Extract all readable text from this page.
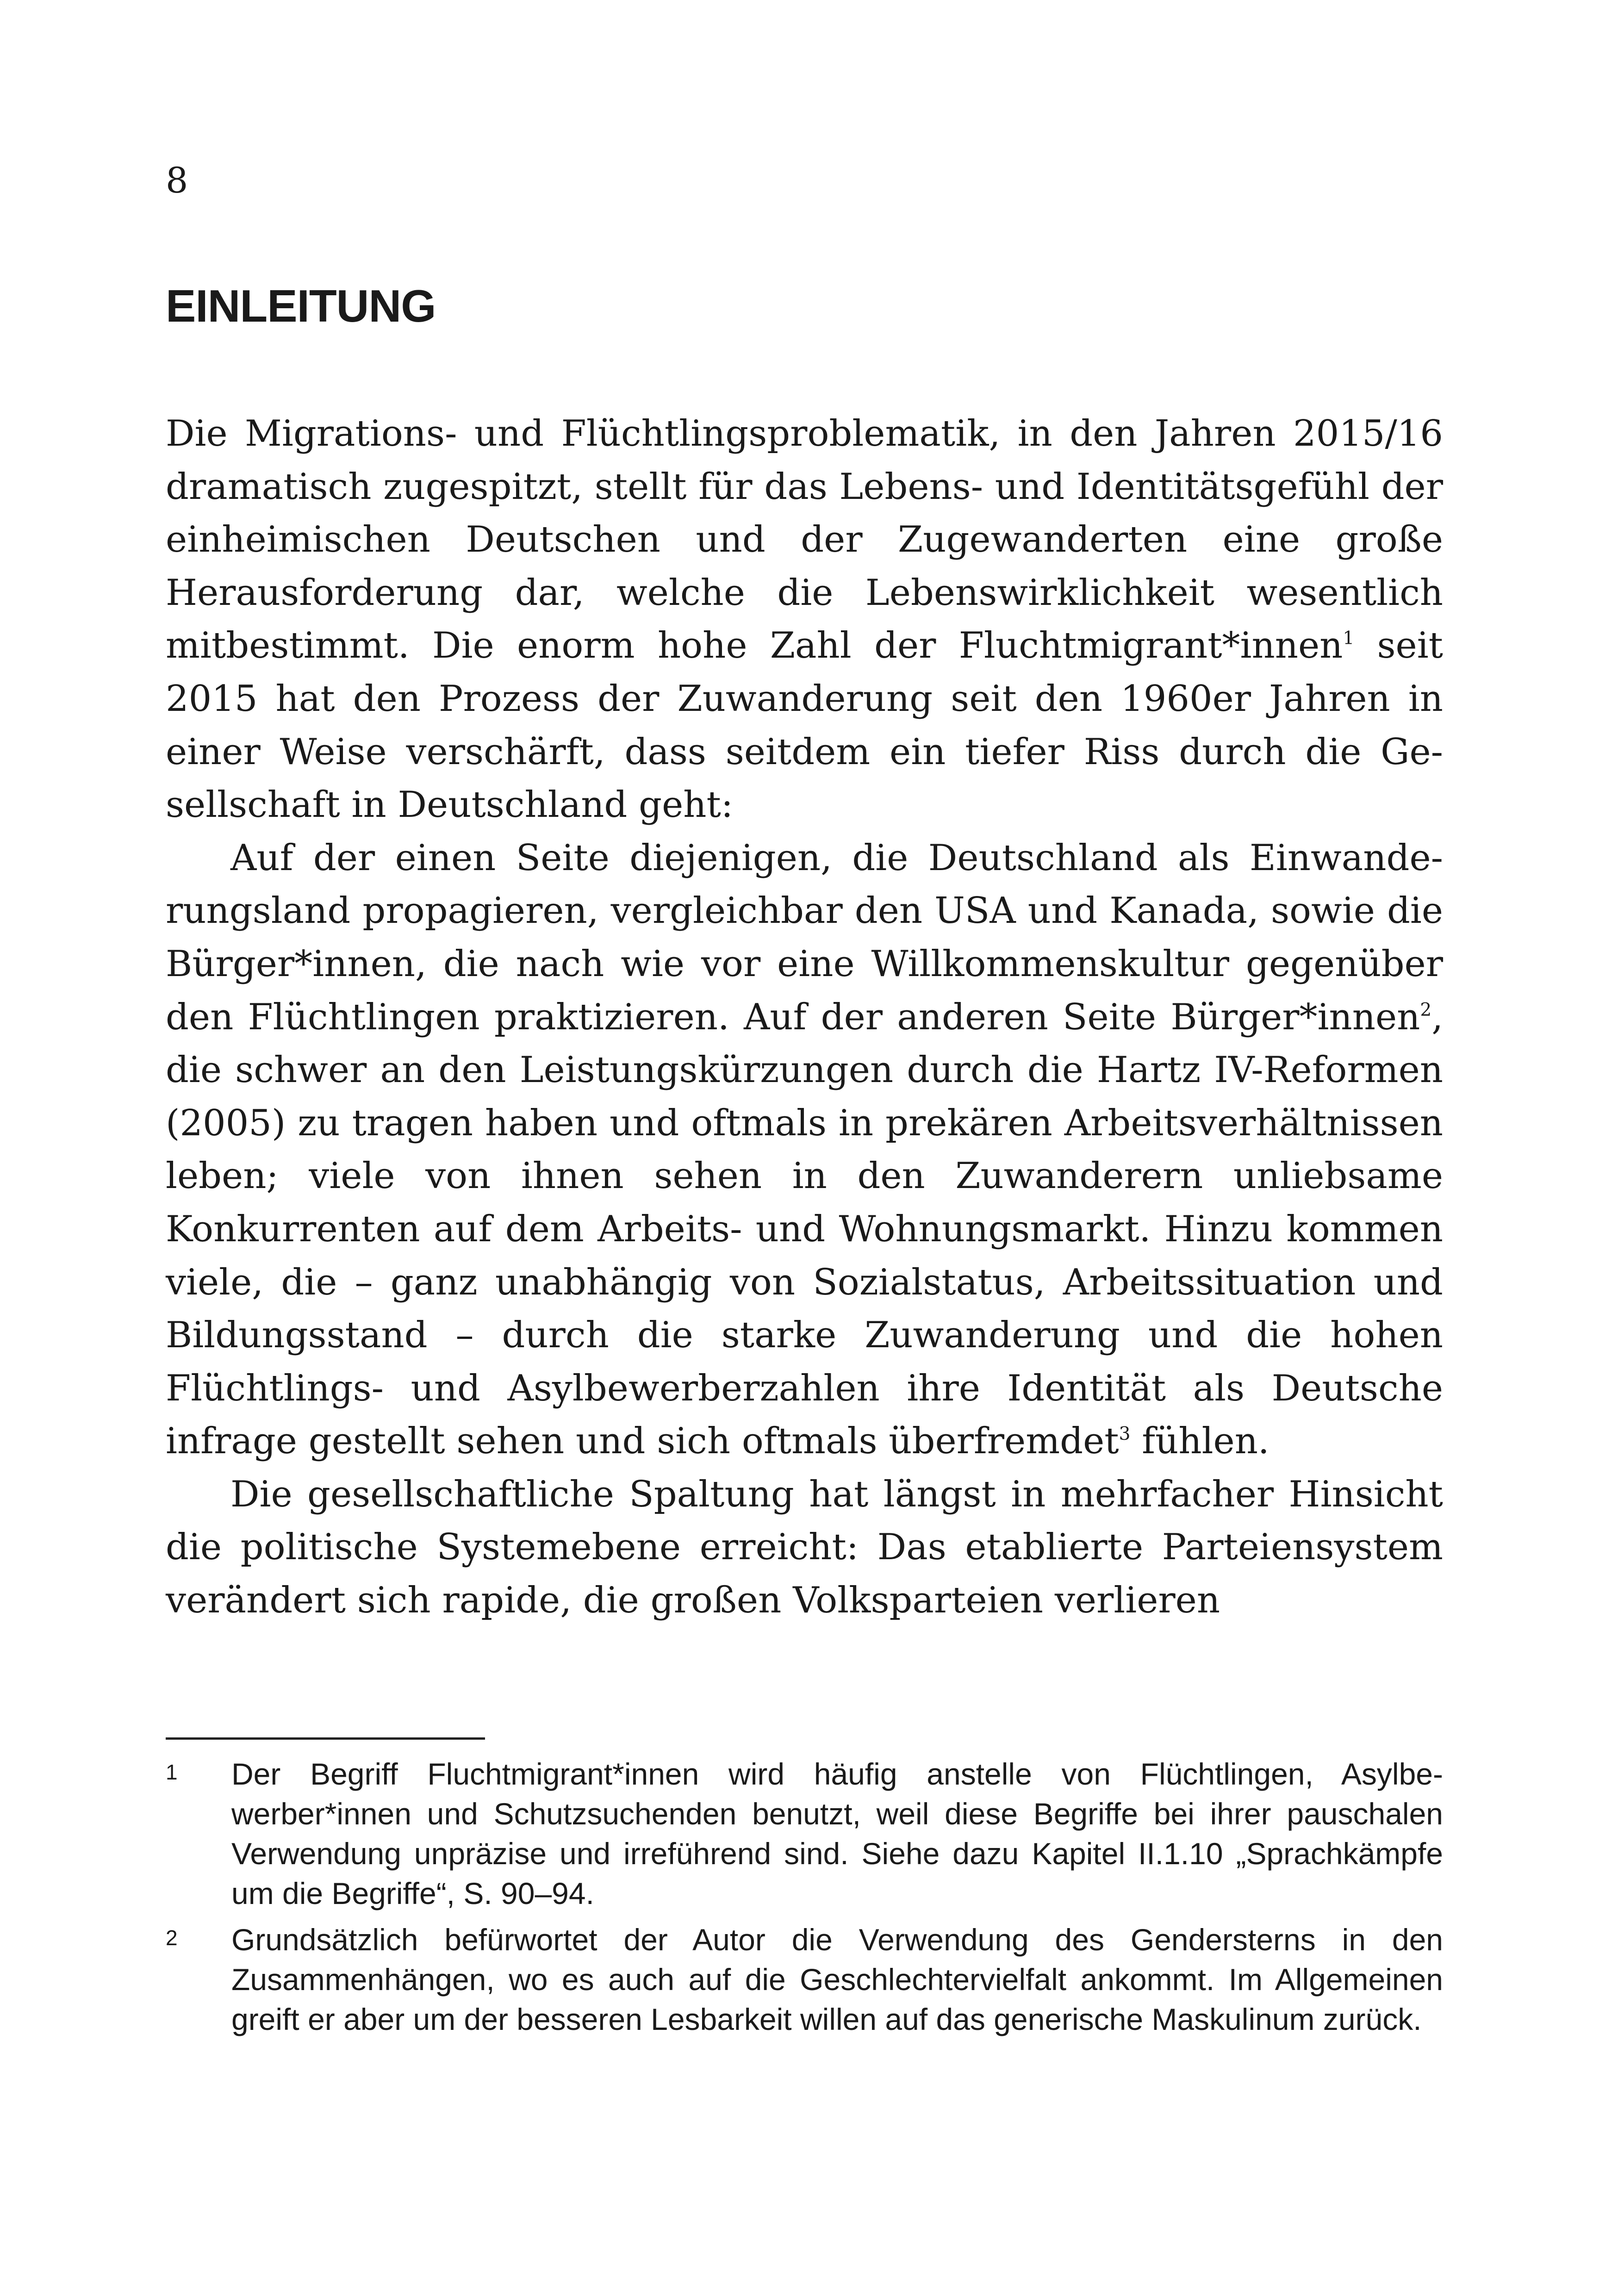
8
EINLEITUNG

Die Migrations- und Flüchtlingsproblematik, in den Jahren 2015/16 dramatisch zugespitzt, stellt für das Lebens- und Identitätsgefühl der einheimischen Deutschen und der Zugewanderten eine große Herausforderung dar, welche die Lebenswirklichkeit wesentlich mitbestimmt. Die enorm hohe Zahl der Fluchtmigrant*innen$^1$ seit 2015 hat den Prozess der Zuwanderung seit den 1960er Jahren in einer Weise verschärft, dass seitdem ein tiefer Riss durch die Gesellschaft in Deutschland geht:

Auf der einen Seite diejenigen, die Deutschland als Einwanderungsland propagieren, vergleichbar den USA und Kanada, sowie die Bürger*innen, die nach wie vor eine Willkommenskultur gegenüber den Flüchtlingen praktizieren. Auf der anderen Seite Bürger*innen$^2$, die schwer an den Leistungskürzungen durch die Hartz IV-Reformen (2005) zu tragen haben und oftmals in prekären Arbeitsverhältnissen leben; viele von ihnen sehen in den Zuwanderern unliebsame Konkurrenten auf dem Arbeits- und Wohnungsmarkt. Hinzu kommen viele, die – ganz unabhängig von Sozialstatus, Arbeitssituation und Bildungsstand – durch die starke Zuwanderung und die hohen Flüchtlings- und Asylbewerberzahlen ihre Identität als Deutsche infrage gestellt sehen und sich oftmals überfremdet$^3$ fühlen.

Die gesellschaftliche Spaltung hat längst in mehrfacher Hinsicht die politische Systemebene erreicht: Das etablierte Parteiensystem verändert sich rapide, die großen Volksparteien verlieren

1 Der Begriff Fluchtmigrant*innen wird häufig anstelle von Flüchtlingen, Asylbewerber*innen und Schutzsuchenden benutzt, weil diese Begriffe bei ihrer pauschalen Verwendung unpräzise und irreführend sind. Siehe dazu Kapitel II.1.10 „Sprachkämpfe um die Begriffe“, S. 90–94.
2 Grundsätzlich befürwortet der Autor die Verwendung des Gendersterns in den Zusammenhängen, wo es auch auf die Geschlechtervielfalt ankommt. Im Allgemeinen greift er aber um der besseren Lesbarkeit willen auf das generische Maskulinum zurück.
